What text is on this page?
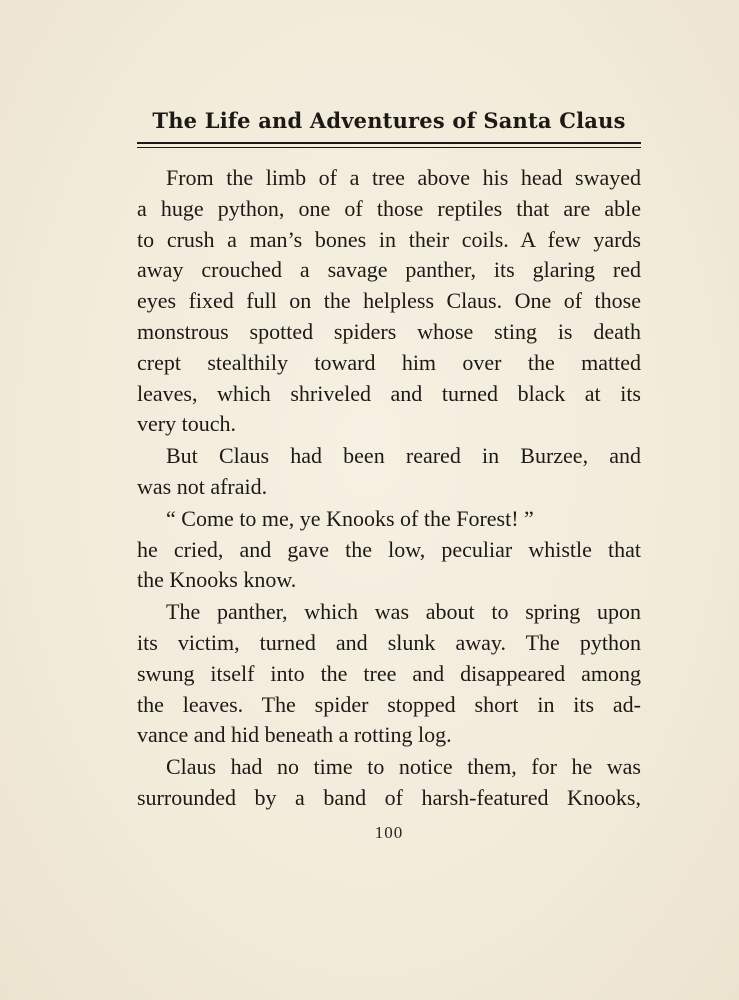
The Life and Adventures of Santa Claus

From the limb of a tree above his head swayed
a huge python, one of those reptiles that are able
to crush a man’s bones in their coils. A few yards
away crouched a savage panther, its glaring red
eyes fixed full on the helpless Claus. One of those
monstrous spotted spiders whose sting is death
crept stealthily toward him over the matted
leaves, which shriveled and turned black at its
very touch.

But Claus had been reared in Burzee, and
was not afraid.

“ Come to me, ye Knooks of the Forest! ”
he cried, and gave the low, peculiar whistle that
the Knooks know.

The panther, which was about to spring upon
its victim, turned and slunk away. The python
swung itself into the tree and disappeared among
the leaves. The spider stopped short in its ad-
vance and hid beneath a rotting log.

Claus had no time to notice them, for he was
surrounded by a band of harsh-featured Knooks,

100
